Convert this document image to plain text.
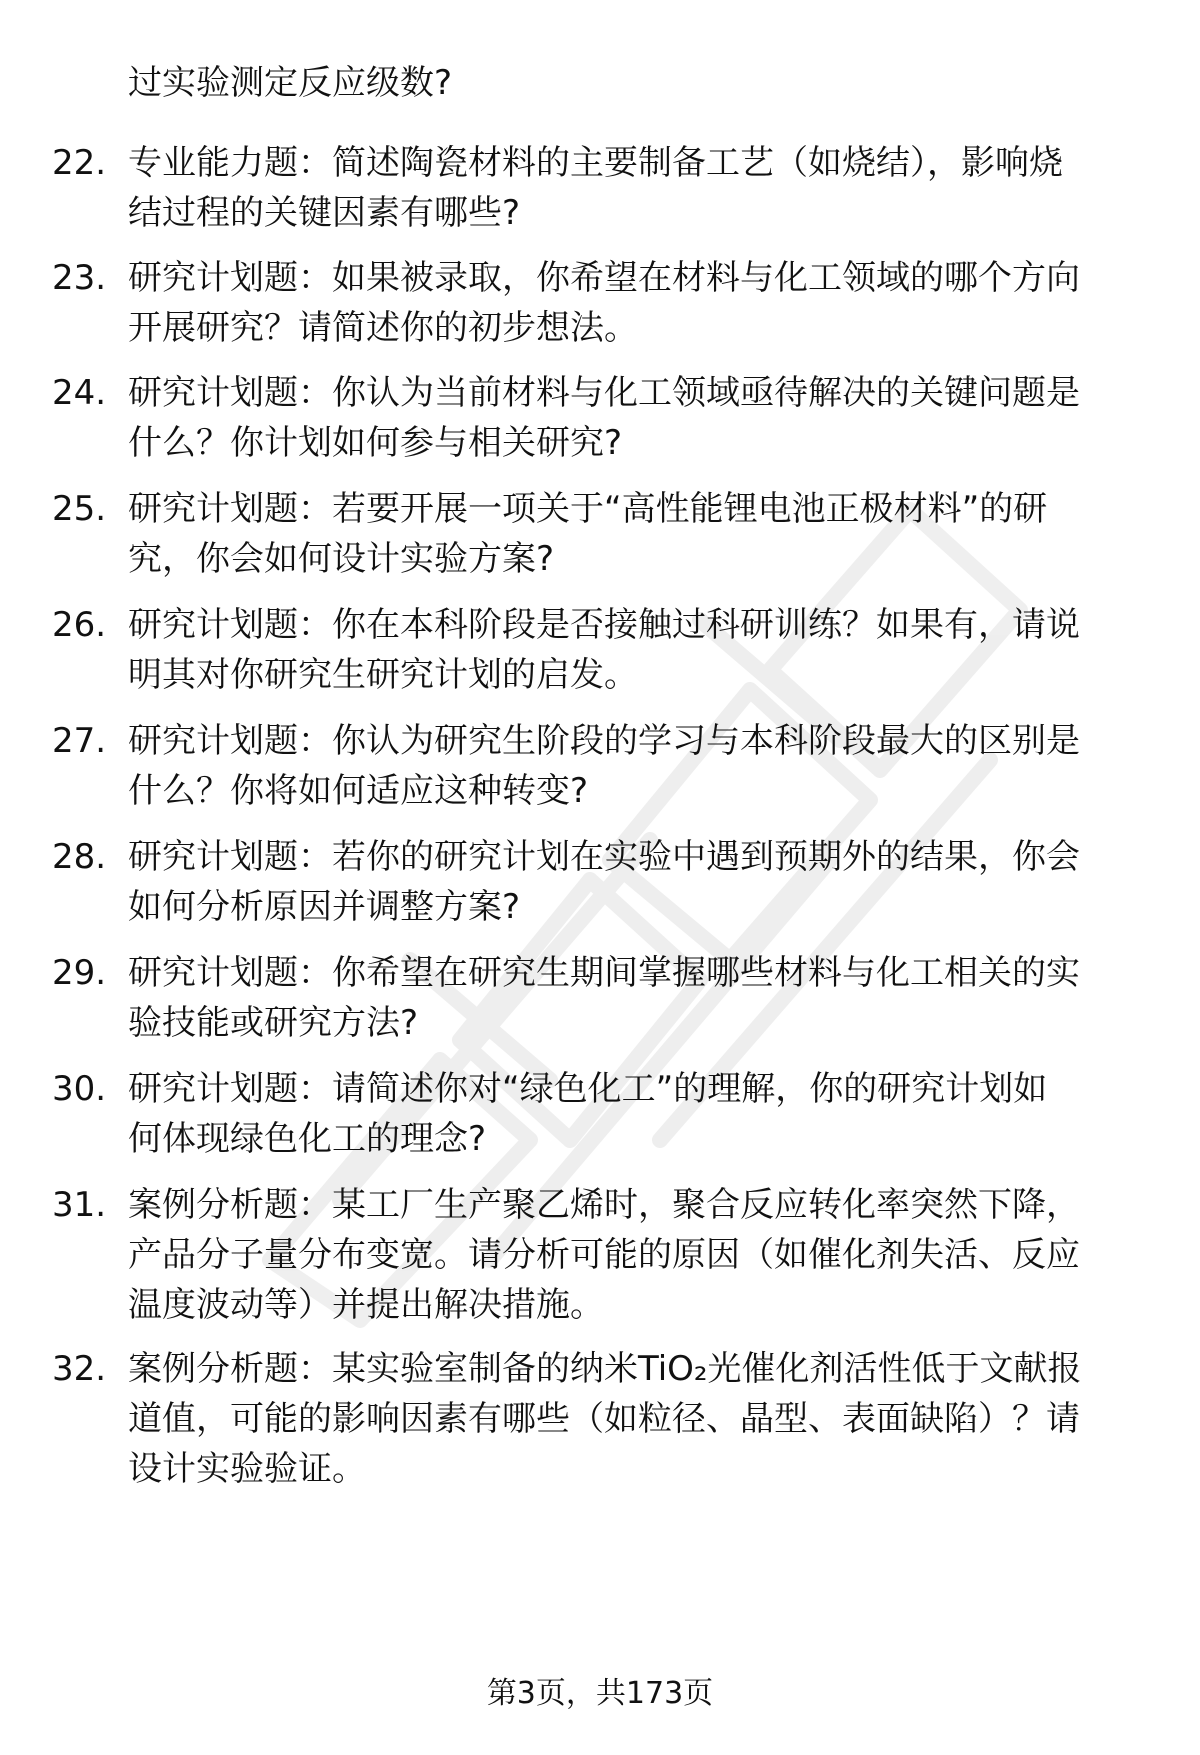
过实验测定反应级数?
22. 专业能力题：简述陶瓷材料的主要制备工艺（如烧结），影响烧
结过程的关键因素有哪些?
23. 研究计划题：如果被录取，你希望在材料与化工领域的哪个方向
开展研究？请简述你的初步想法。
24. 研究计划题：你认为当前材料与化工领域亟待解决的关键问题是
什么？你计划如何参与相关研究?
25. 研究计划题：若要开展一项关于“高性能锂电池正极材料”的研
究，你会如何设计实验方案?
26. 研究计划题：你在本科阶段是否接触过科研训练？如果有，请说
明其对你研究生研究计划的启发。
27. 研究计划题：你认为研究生阶段的学习与本科阶段最大的区别是
什么？你将如何适应这种转变?
28. 研究计划题：若你的研究计划在实验中遇到预期外的结果，你会
如何分析原因并调整方案?
29. 研究计划题：你希望在研究生期间掌握哪些材料与化工相关的实
验技能或研究方法?
30. 研究计划题：请简述你对“绿色化工”的理解，你的研究计划如
何体现绿色化工的理念?
31. 案例分析题：某工厂生产聚乙烯时，聚合反应转化率突然下降，
产品分子量分布变宽。请分析可能的原因（如催化剂失活、反应
温度波动等）并提出解决措施。
32. 案例分析题：某实验室制备的纳米TiO₂光催化剂活性低于文献报
道值，可能的影响因素有哪些（如粒径、晶型、表面缺陷）？请
设计实验验证。
第3页，共173页
